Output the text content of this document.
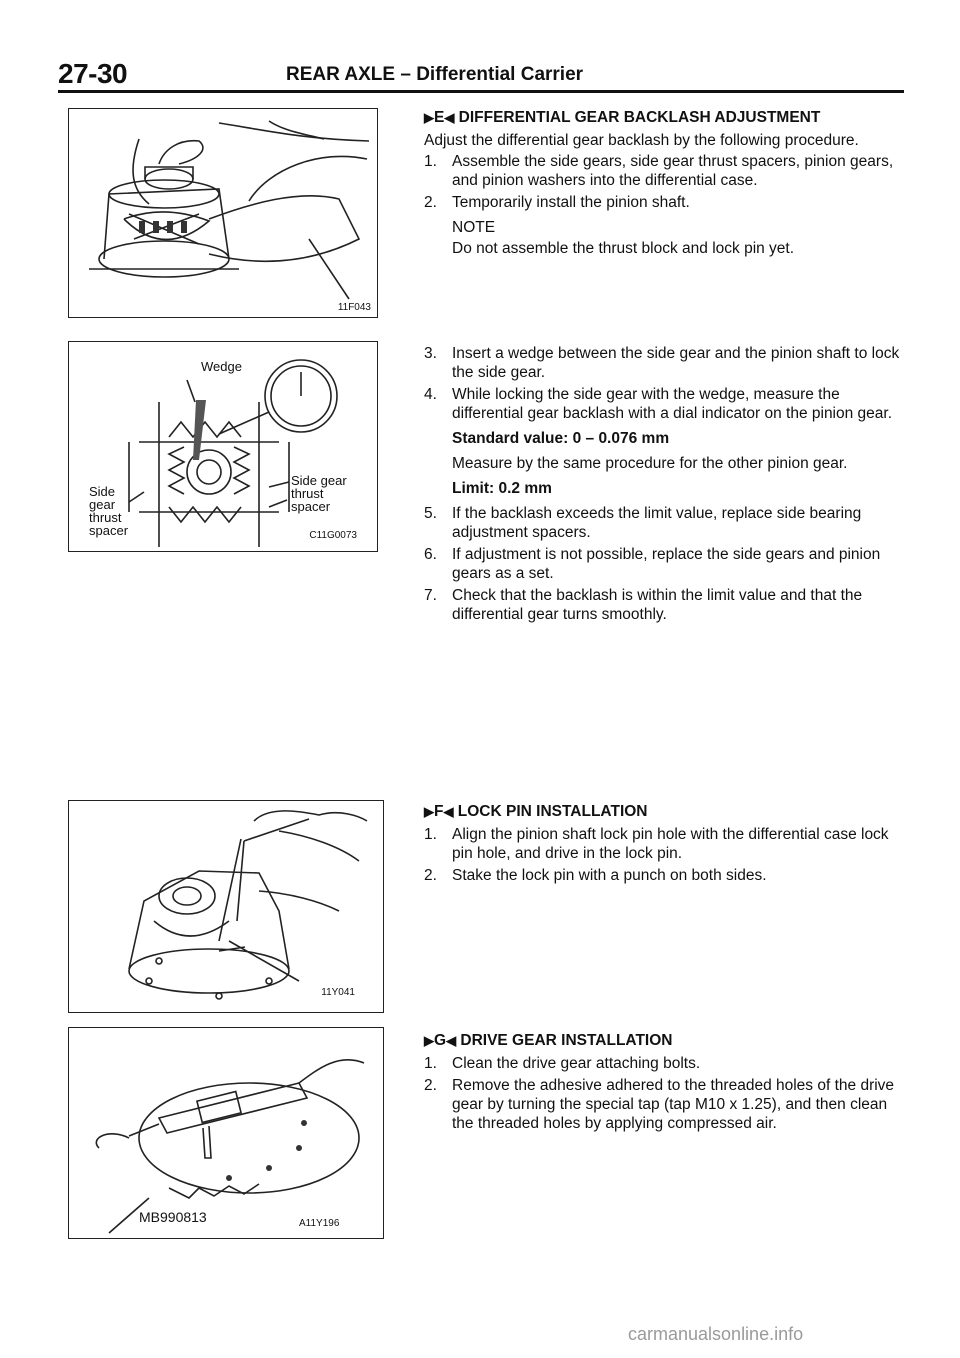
27-30	REAR AXLE – Differential Carrier
11F043
Wedge
Side gear thrust spacer
Side gear thrust spacer	C11G0073
11Y041
MB990813	A11Y196
▶E◀ DIFFERENTIAL GEAR BACKLASH ADJUSTMENT
Adjust the differential gear backlash by the following procedure.
1. Assemble the side gears, side gear thrust spacers, pinion gears, and pinion washers into the differential case.
2. Temporarily install the pinion shaft.
NOTE
Do not assemble the thrust block and lock pin yet.
3. Insert a wedge between the side gear and the pinion shaft to lock the side gear.
4. While locking the side gear with the wedge, measure the differential gear backlash with a dial indicator on the pinion gear.
Standard value: 0 – 0.076 mm
Measure by the same procedure for the other pinion gear.
Limit: 0.2 mm
5. If the backlash exceeds the limit value, replace side bearing adjustment spacers.
6. If adjustment is not possible, replace the side gears and pinion gears as a set.
7. Check that the backlash is within the limit value and that the differential gear turns smoothly.
▶F◀ LOCK PIN INSTALLATION
1. Align the pinion shaft lock pin hole with the differential case lock pin hole, and drive in the lock pin.
2. Stake the lock pin with a punch on both sides.
▶G◀ DRIVE GEAR INSTALLATION
1. Clean the drive gear attaching bolts.
2. Remove the adhesive adhered to the threaded holes of the drive gear by turning the special tap (tap M10 x 1.25), and then clean the threaded holes by applying compressed air.
carmanualsonline.info
